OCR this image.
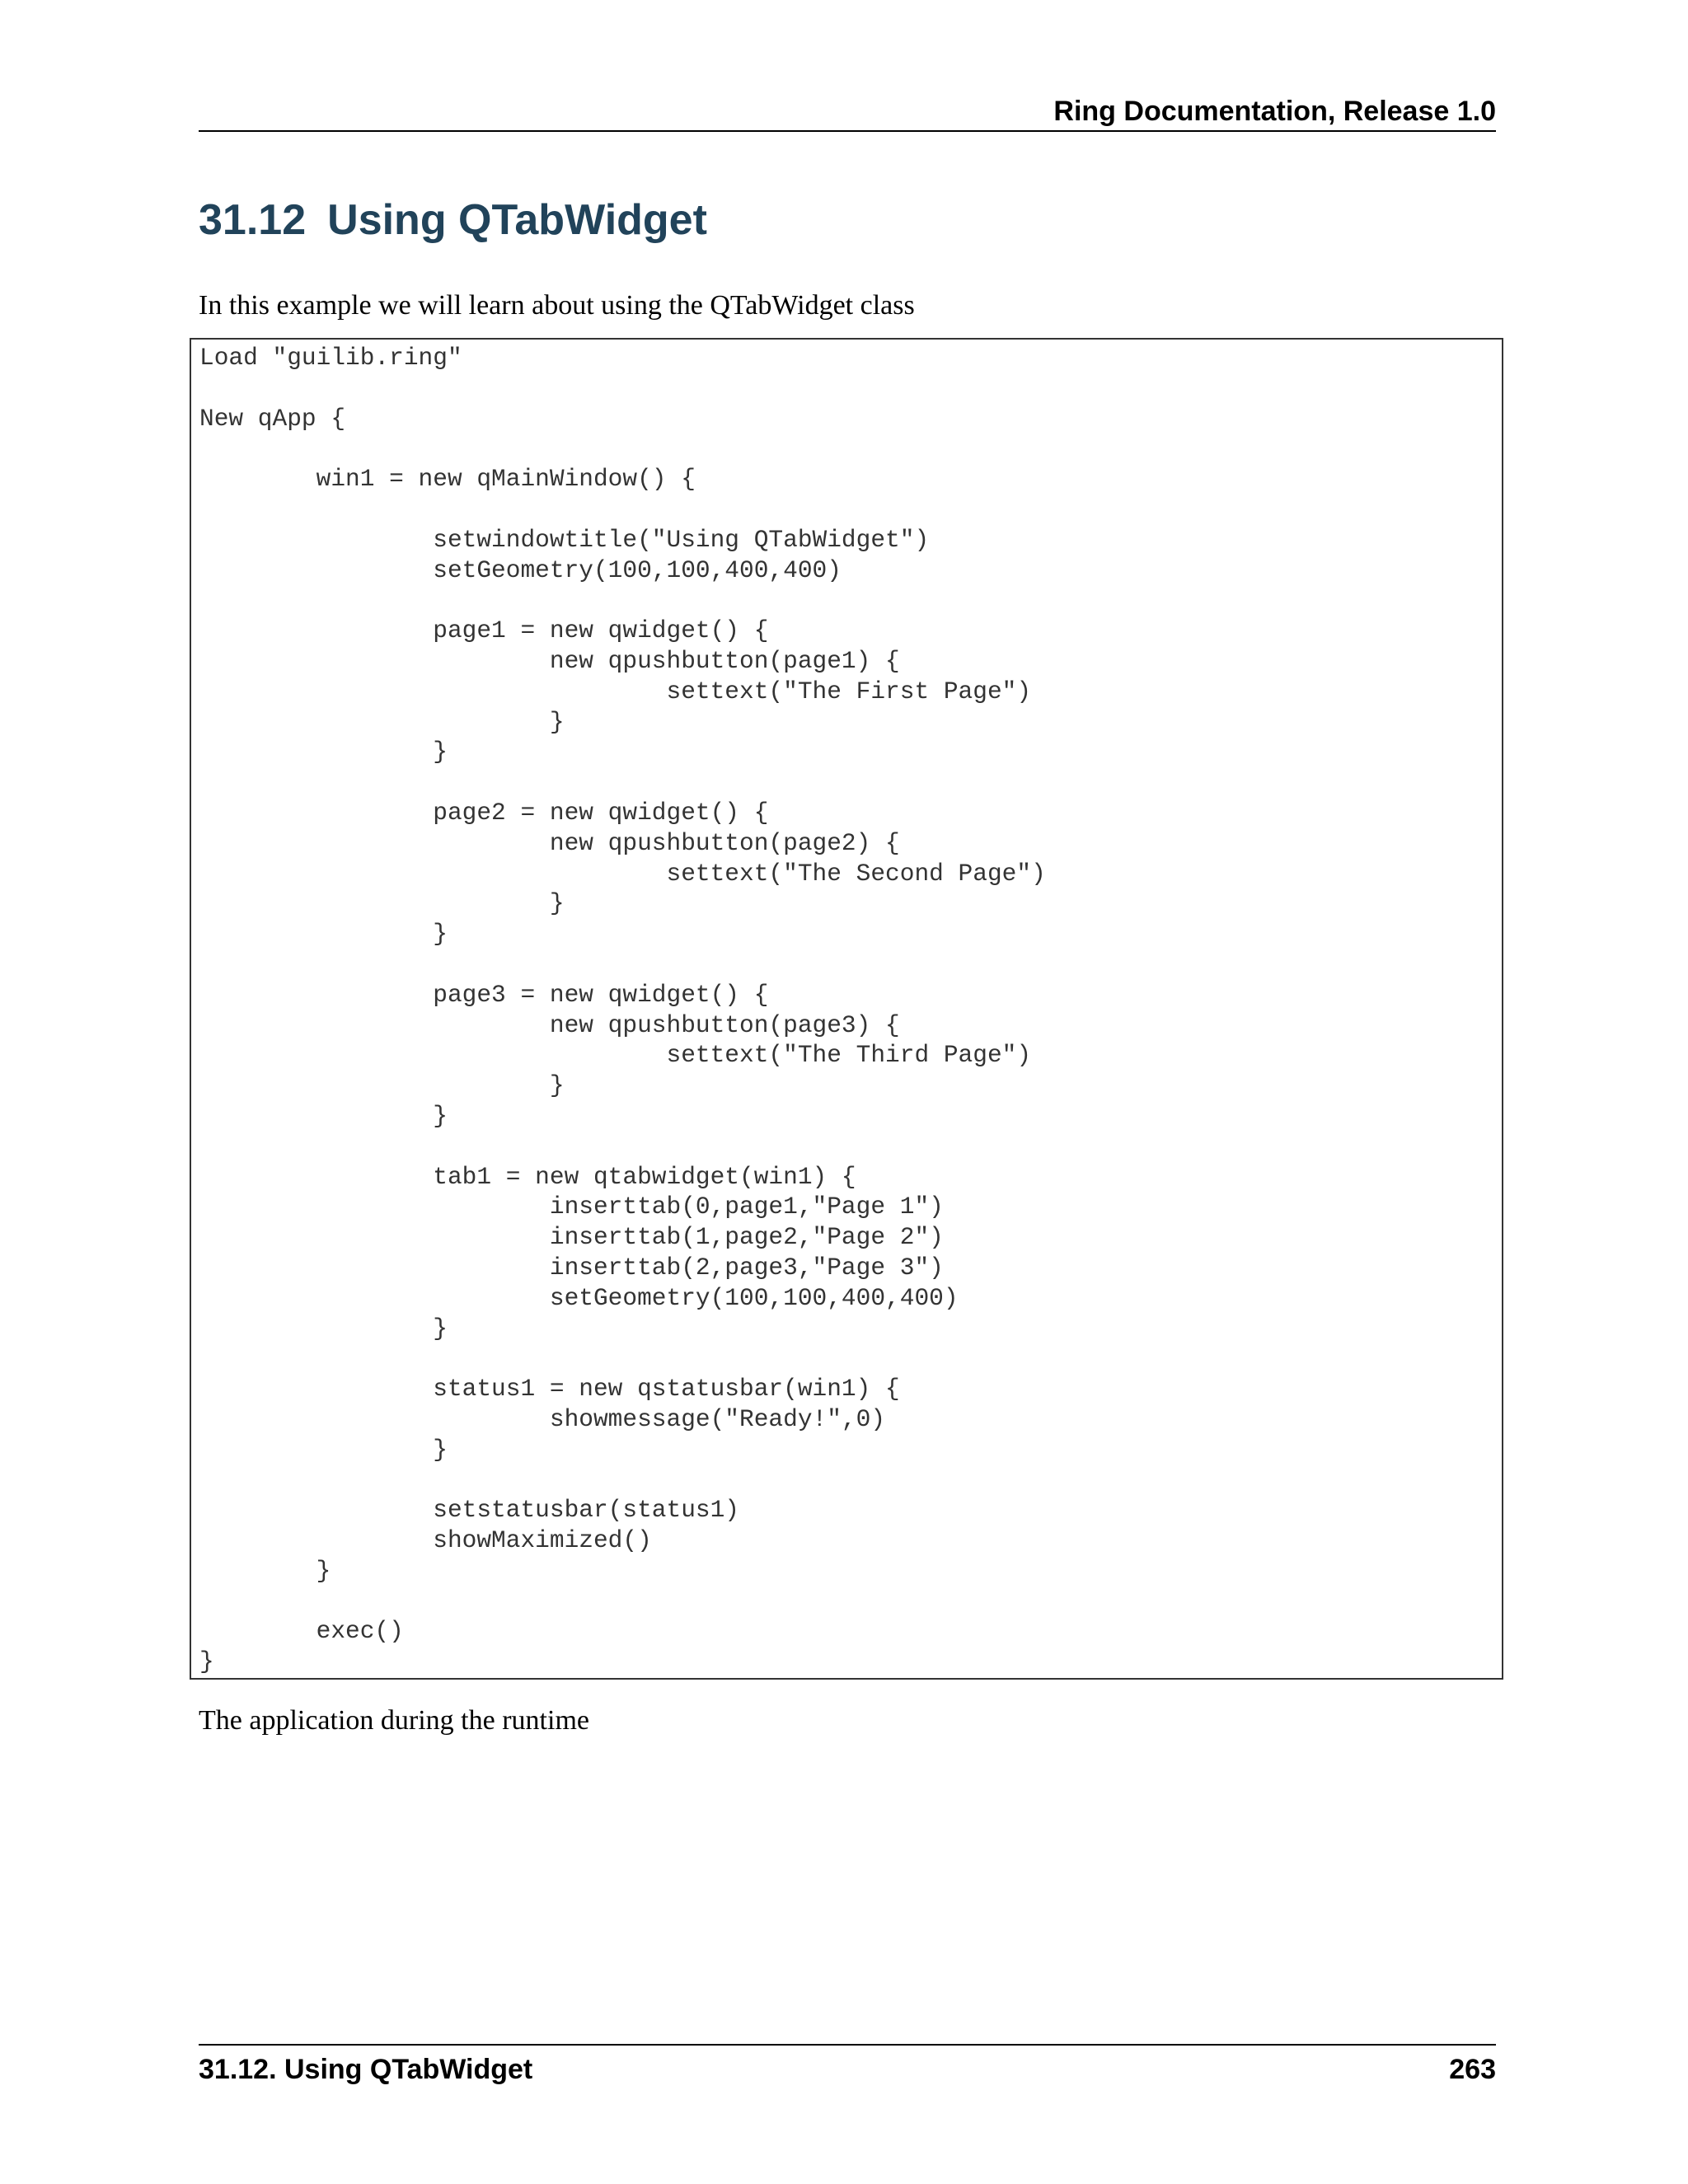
Ring Documentation, Release 1.0
31.12 Using QTabWidget

In this example we will learn about using the QTabWidget class

Load "guilib.ring"

New qApp {

	win1 = new qMainWindow() {

		setwindowtitle("Using QTabWidget")
		setGeometry(100,100,400,400)

		page1 = new qwidget() {
			new qpushbutton(page1) {
				settext("The First Page")
			}
		}

		page2 = new qwidget() {
			new qpushbutton(page2) {
				settext("The Second Page")
			}
		}

		page3 = new qwidget() {
			new qpushbutton(page3) {
				settext("The Third Page")
			}
		}

		tab1 = new qtabwidget(win1) {
			inserttab(0,page1,"Page 1")
			inserttab(1,page2,"Page 2")
			inserttab(2,page3,"Page 3")
			setGeometry(100,100,400,400)
		}

		status1 = new qstatusbar(win1) {
			showmessage("Ready!",0)
		}

		setstatusbar(status1)
		showMaximized()
	}

	exec()
}

The application during the runtime

31.12. Using QTabWidget	263
